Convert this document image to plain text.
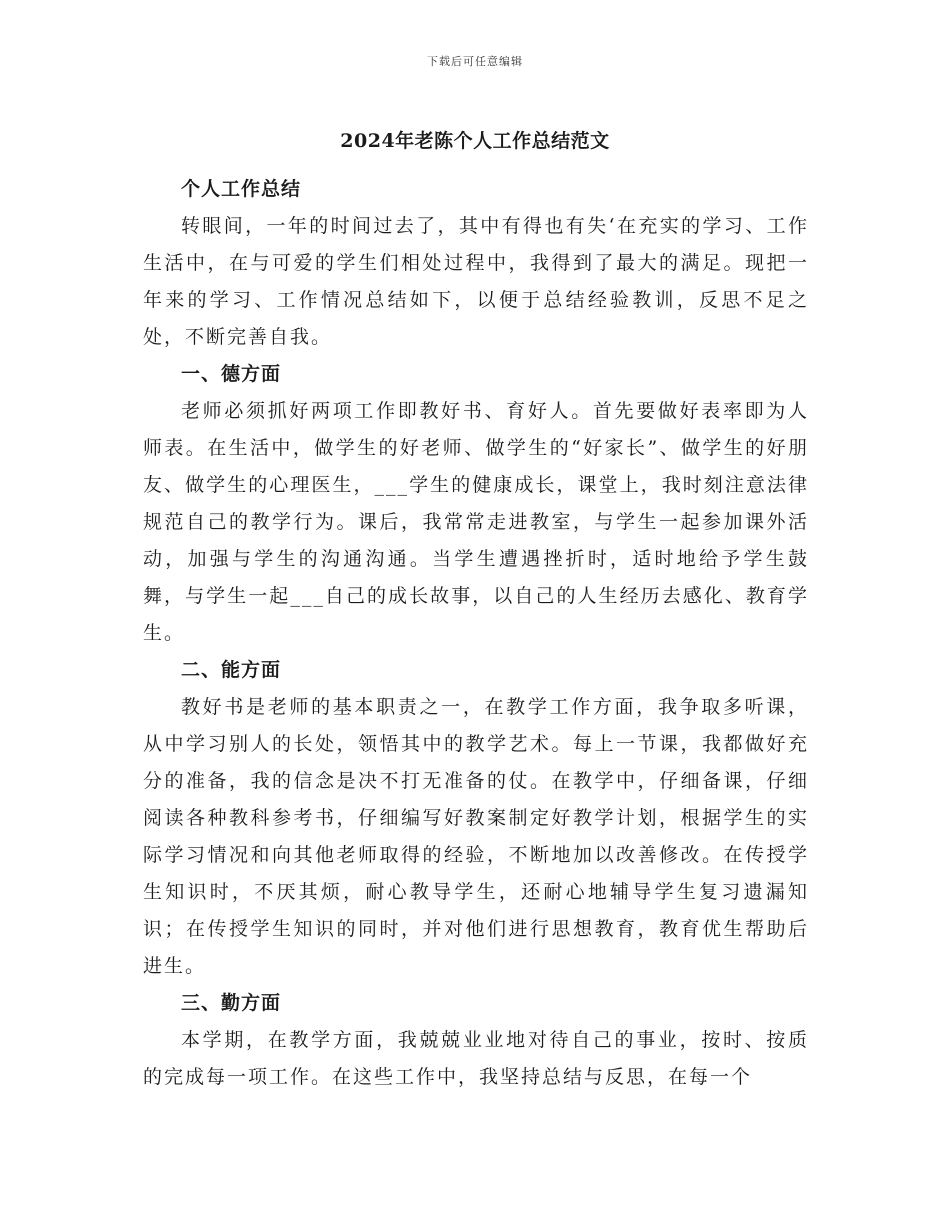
下载后可任意编辑
2024年老陈个人工作总结范文
个人工作总结

转眼间，一年的时间过去了，其中有得也有失‘在充实的学习、工作生活中，在与可爱的学生们相处过程中，我得到了最大的满足。现把一年来的学习、工作情况总结如下，以便于总结经验教训，反思不足之处，不断完善自我。

一、德方面

老师必须抓好两项工作即教好书、育好人。首先要做好表率即为人师表。在生活中，做学生的好老师、做学生的“好家长”、做学生的好朋友、做学生的心理医生，___学生的健康成长，课堂上，我时刻注意法律规范自己的教学行为。课后，我常常走进教室，与学生一起参加课外活动，加强与学生的沟通沟通。当学生遭遇挫折时，适时地给予学生鼓舞，与学生一起___自己的成长故事，以自己的人生经历去感化、教育学生。

二、能方面

教好书是老师的基本职责之一，在教学工作方面，我争取多听课，从中学习别人的长处，领悟其中的教学艺术。每上一节课，我都做好充分的准备，我的信念是决不打无准备的仗。在教学中，仔细备课，仔细阅读各种教科参考书，仔细编写好教案制定好教学计划，根据学生的实际学习情况和向其他老师取得的经验，不断地加以改善修改。在传授学生知识时，不厌其烦，耐心教导学生，还耐心地辅导学生复习遗漏知识；在传授学生知识的同时，并对他们进行思想教育，教育优生帮助后进生。

三、勤方面

本学期，在教学方面，我兢兢业业地对待自己的事业，按时、按质的完成每一项工作。在这些工作中，我坚持总结与反思，在每一个
